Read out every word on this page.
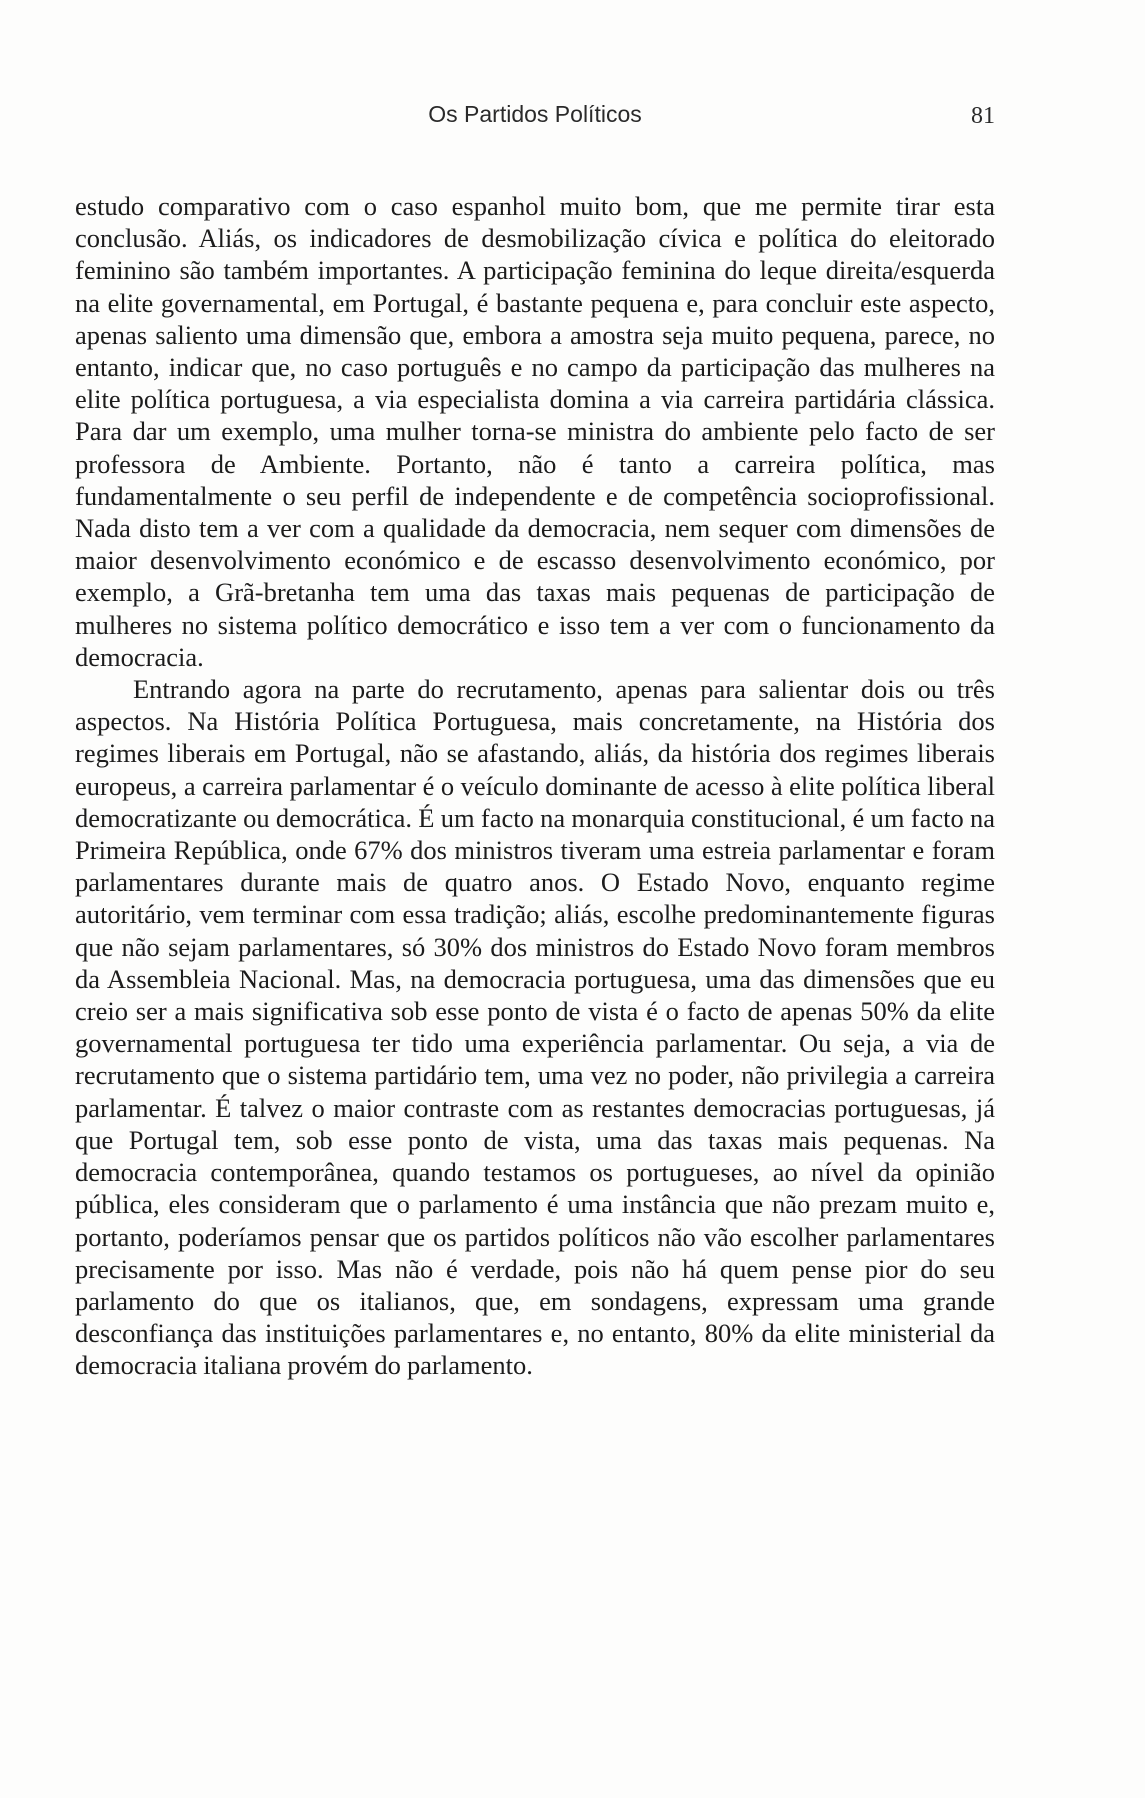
Os Partidos Políticos	81

estudo comparativo com o caso espanhol muito bom, que me permite tirar esta conclusão. Aliás, os indicadores de desmobilização cívica e política do eleitorado feminino são também importantes. A participação feminina do leque direita/esquerda na elite governamental, em Portugal, é bastante pequena e, para concluir este aspecto, apenas saliento uma dimensão que, embora a amostra seja muito pequena, parece, no entanto, indicar que, no caso português e no campo da participação das mulheres na elite política portuguesa, a via especialista domina a via carreira partidária clássica. Para dar um exemplo, uma mulher torna-se ministra do ambiente pelo facto de ser professora de Ambiente. Portanto, não é tanto a carreira política, mas fundamentalmente o seu perfil de independente e de competência socioprofissional. Nada disto tem a ver com a qualidade da democracia, nem sequer com dimensões de maior desenvolvimento económico e de escasso desenvolvimento económico, por exemplo, a Grã-bretanha tem uma das taxas mais pequenas de participação de mulheres no sistema político democrático e isso tem a ver com o funcionamento da democracia.

Entrando agora na parte do recrutamento, apenas para salientar dois ou três aspectos. Na História Política Portuguesa, mais concretamente, na História dos regimes liberais em Portugal, não se afastando, aliás, da história dos regimes liberais europeus, a carreira parlamentar é o veículo dominante de acesso à elite política liberal democratizante ou democrática. É um facto na monarquia constitucional, é um facto na Primeira República, onde 67% dos ministros tiveram uma estreia parlamentar e foram parlamentares durante mais de quatro anos. O Estado Novo, enquanto regime autoritário, vem terminar com essa tradição; aliás, escolhe predominantemente figuras que não sejam parlamentares, só 30% dos ministros do Estado Novo foram membros da Assembleia Nacional. Mas, na democracia portuguesa, uma das dimensões que eu creio ser a mais significativa sob esse ponto de vista é o facto de apenas 50% da elite governamental portuguesa ter tido uma experiência parlamentar. Ou seja, a via de recrutamento que o sistema partidário tem, uma vez no poder, não privilegia a carreira parlamentar. É talvez o maior contraste com as restantes democracias portuguesas, já que Portugal tem, sob esse ponto de vista, uma das taxas mais pequenas. Na democracia contemporânea, quando testamos os portugueses, ao nível da opinião pública, eles consideram que o parlamento é uma instância que não prezam muito e, portanto, poderíamos pensar que os partidos políticos não vão escolher parlamentares precisamente por isso. Mas não é verdade, pois não há quem pense pior do seu parlamento do que os italianos, que, em sondagens, expressam uma grande desconfiança das instituições parlamentares e, no entanto, 80% da elite ministerial da democracia italiana provém do parlamento.
